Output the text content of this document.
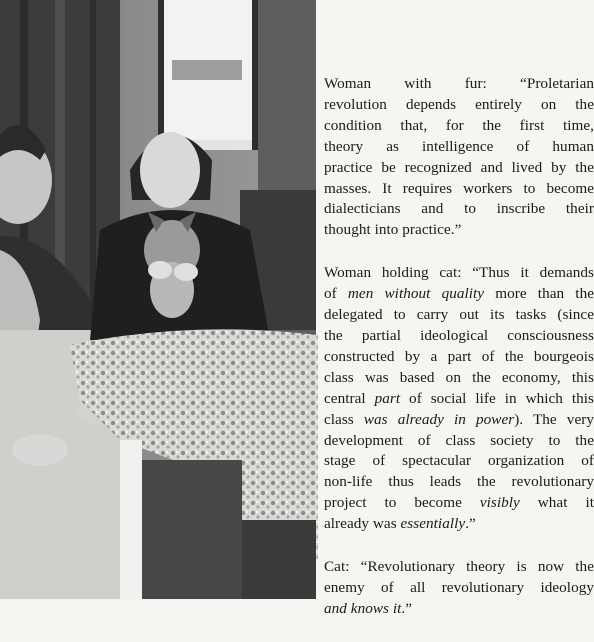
Woman with fur: “Proletarian
revolution depends entirely on the
condition that, for the first time,
theory as intelligence of human
practice be recognized and lived by the
masses. It requires workers to become
dialecticians and to inscribe their
thought into practice.”
Woman holding cat: “Thus it demands
of men without quality more than the
delegated to carry out its tasks (since
the partial ideological consciousness
constructed by a part of the bourgeois
class was based on the economy, this
central part of social life in which this
class was already in power). The very
development of class society to the
stage of spectacular organization of
non-life thus leads the revolutionary
project to become visibly what it
already was essentially.”
Cat: “Revolutionary theory is now the
enemy of all revolutionary ideology
and knows it.”
